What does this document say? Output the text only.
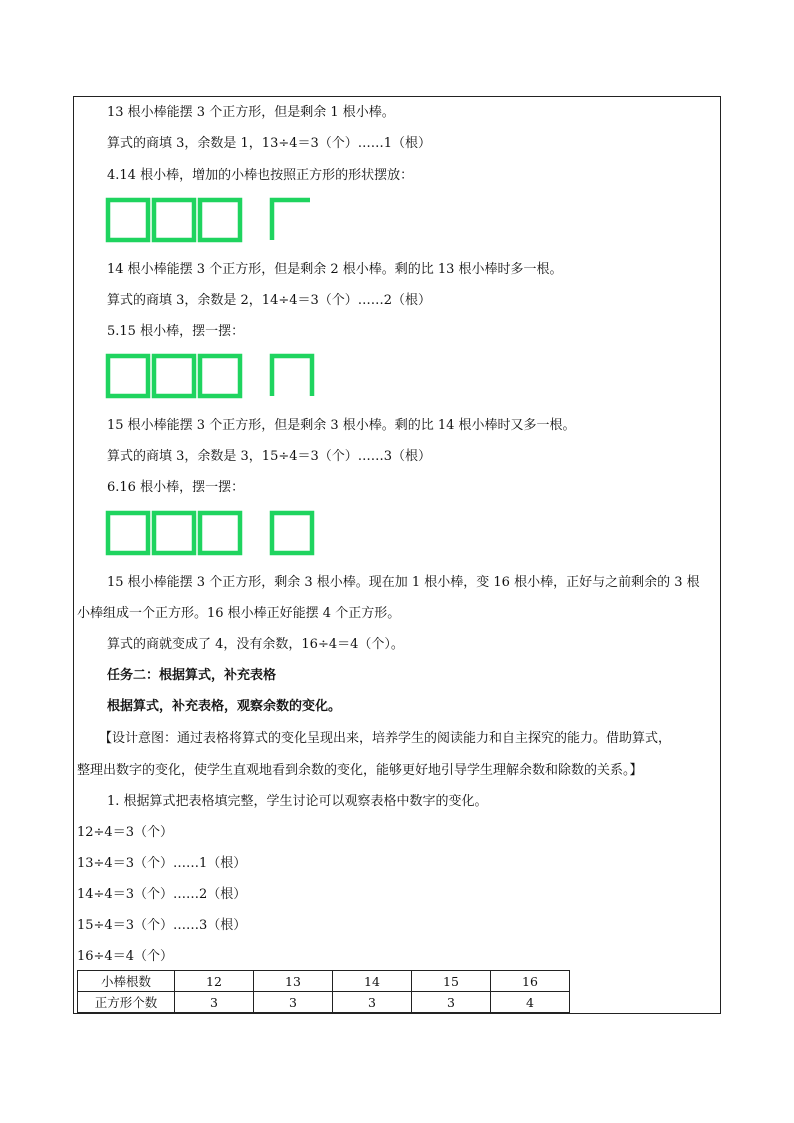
13 根小棒能摆 3 个正方形，但是剩余 1 根小棒。
算式的商填 3，余数是 1，13÷4＝3（个）……1（根）
4.14 根小棒，增加的小棒也按照正方形的形状摆放：
14 根小棒能摆 3 个正方形，但是剩余 2 根小棒。剩的比 13 根小棒时多一根。
算式的商填 3，余数是 2，14÷4＝3（个）……2（根）
5.15 根小棒，摆一摆：
15 根小棒能摆 3 个正方形，但是剩余 3 根小棒。剩的比 14 根小棒时又多一根。
算式的商填 3，余数是 3，15÷4＝3（个）……3（根）
6.16 根小棒，摆一摆：
15 根小棒能摆 3 个正方形，剩余 3 根小棒。现在加 1 根小棒，变 16 根小棒，正好与之前剩余的 3 根
小棒组成一个正方形。16 根小棒正好能摆 4 个正方形。
算式的商就变成了 4，没有余数，16÷4＝4（个）。
任务二：根据算式，补充表格
根据算式，补充表格，观察余数的变化。
【设计意图：通过表格将算式的变化呈现出来，培养学生的阅读能力和自主探究的能力。借助算式，
整理出数字的变化，使学生直观地看到余数的变化，能够更好地引导学生理解余数和除数的关系。】
1. 根据算式把表格填完整，学生讨论可以观察表格中数字的变化。
12÷4＝3（个）
13÷4＝3（个）……1（根）
14÷4＝3（个）……2（根）
15÷4＝3（个）……3（根）
16÷4＝4（个）
小棒根数	12	13	14	15	16
正方形个数	3	3	3	3	4
